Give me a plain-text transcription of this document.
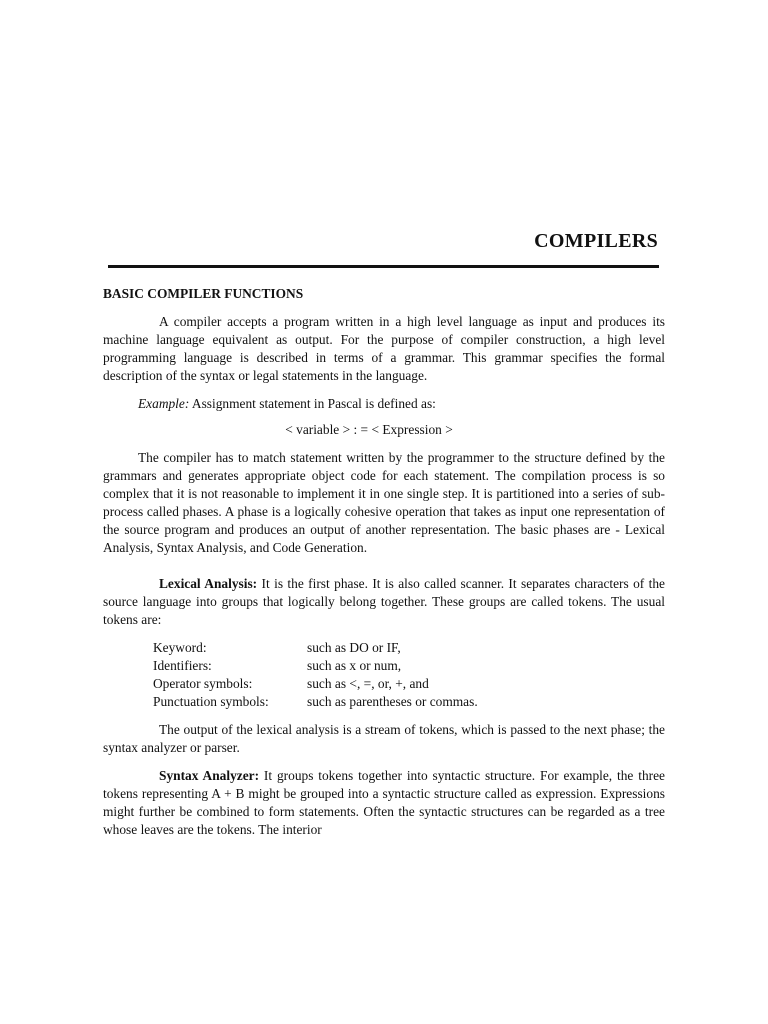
COMPILERS
BASIC COMPILER FUNCTIONS

A compiler accepts a program written in a high level language as input and produces its machine language equivalent as output. For the purpose of compiler construction, a high level programming language is described in terms of a grammar. This grammar specifies the formal description of the syntax or legal statements in the language.

Example: Assignment statement in Pascal is defined as:
< variable > : = < Expression >

The compiler has to match statement written by the programmer to the structure defined by the grammars and generates appropriate object code for each statement. The compilation process is so complex that it is not reasonable to implement it in one single step. It is partitioned into a series of sub-process called phases. A phase is a logically cohesive operation that takes as input one representation of the source program and produces an output of another representation. The basic phases are - Lexical Analysis, Syntax Analysis, and Code Generation.

Lexical Analysis: It is the first phase. It is also called scanner. It separates characters of the source language into groups that logically belong together. These groups are called tokens. The usual tokens are:

Keyword:	such as DO or IF,
Identifiers:	such as x or num,
Operator symbols:	such as <, =, or, +, and
Punctuation symbols:	such as parentheses or commas.

The output of the lexical analysis is a stream of tokens, which is passed to the next phase; the syntax analyzer or parser.

Syntax Analyzer: It groups tokens together into syntactic structure. For example, the three tokens representing A + B might be grouped into a syntactic structure called as expression. Expressions might further be combined to form statements. Often the syntactic structures can be regarded as a tree whose leaves are the tokens. The interior
